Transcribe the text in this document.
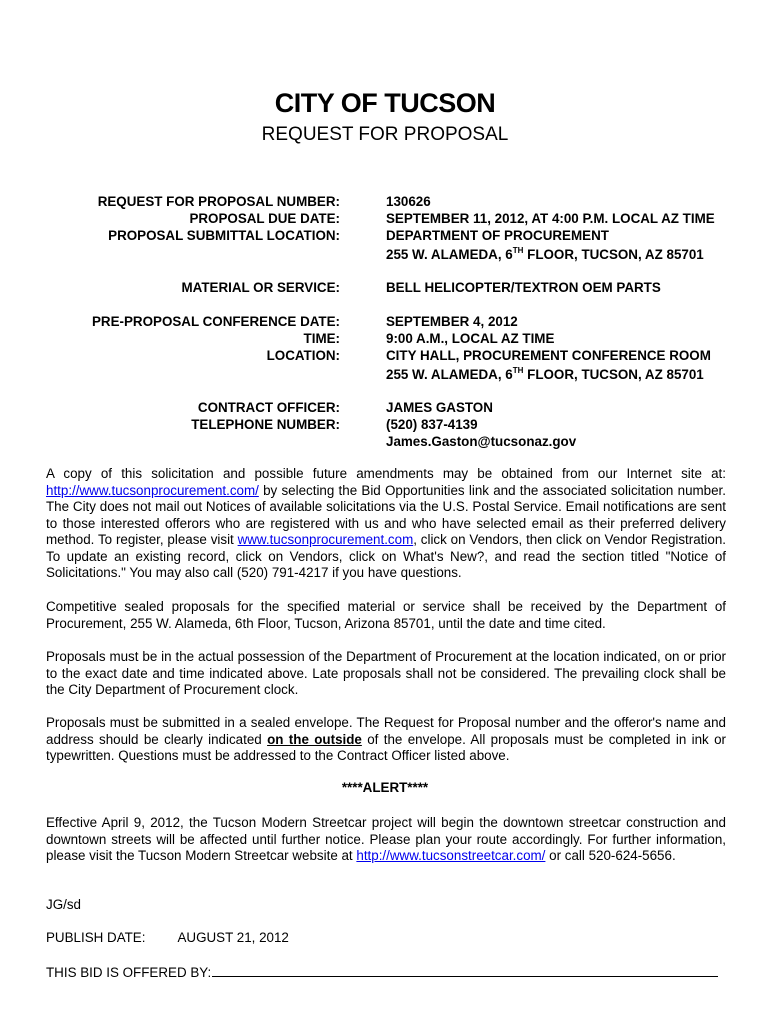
CITY OF TUCSON
REQUEST FOR PROPOSAL
REQUEST FOR PROPOSAL NUMBER:	130626
PROPOSAL DUE DATE:	SEPTEMBER 11, 2012, AT 4:00 P.M. LOCAL AZ TIME
PROPOSAL SUBMITTAL LOCATION:	DEPARTMENT OF PROCUREMENT
255 W. ALAMEDA, 6TH FLOOR, TUCSON, AZ 85701
MATERIAL OR SERVICE:	BELL HELICOPTER/TEXTRON OEM PARTS
PRE-PROPOSAL CONFERENCE DATE:	SEPTEMBER 4, 2012
TIME:	9:00 A.M., LOCAL AZ TIME
LOCATION:	CITY HALL, PROCUREMENT CONFERENCE ROOM
255 W. ALAMEDA, 6TH FLOOR, TUCSON, AZ 85701
CONTRACT OFFICER:	JAMES GASTON
TELEPHONE NUMBER:	(520) 837-4139
James.Gaston@tucsonaz.gov
A copy of this solicitation and possible future amendments may be obtained from our Internet site at: http://www.tucsonprocurement.com/ by selecting the Bid Opportunities link and the associated solicitation number. The City does not mail out Notices of available solicitations via the U.S. Postal Service. Email notifications are sent to those interested offerors who are registered with us and who have selected email as their preferred delivery method. To register, please visit www.tucsonprocurement.com, click on Vendors, then click on Vendor Registration. To update an existing record, click on Vendors, click on What's New?, and read the section titled "Notice of Solicitations." You may also call (520) 791-4217 if you have questions.
Competitive sealed proposals for the specified material or service shall be received by the Department of Procurement, 255 W. Alameda, 6th Floor, Tucson, Arizona 85701, until the date and time cited.
Proposals must be in the actual possession of the Department of Procurement at the location indicated, on or prior to the exact date and time indicated above. Late proposals shall not be considered. The prevailing clock shall be the City Department of Procurement clock.
Proposals must be submitted in a sealed envelope. The Request for Proposal number and the offeror's name and address should be clearly indicated on the outside of the envelope. All proposals must be completed in ink or typewritten. Questions must be addressed to the Contract Officer listed above.
****ALERT****
Effective April 9, 2012, the Tucson Modern Streetcar project will begin the downtown streetcar construction and downtown streets will be affected until further notice. Please plan your route accordingly. For further information, please visit the Tucson Modern Streetcar website at http://www.tucsonstreetcar.com/ or call 520-624-5656.
JG/sd
PUBLISH DATE: AUGUST 21, 2012
THIS BID IS OFFERED BY:
